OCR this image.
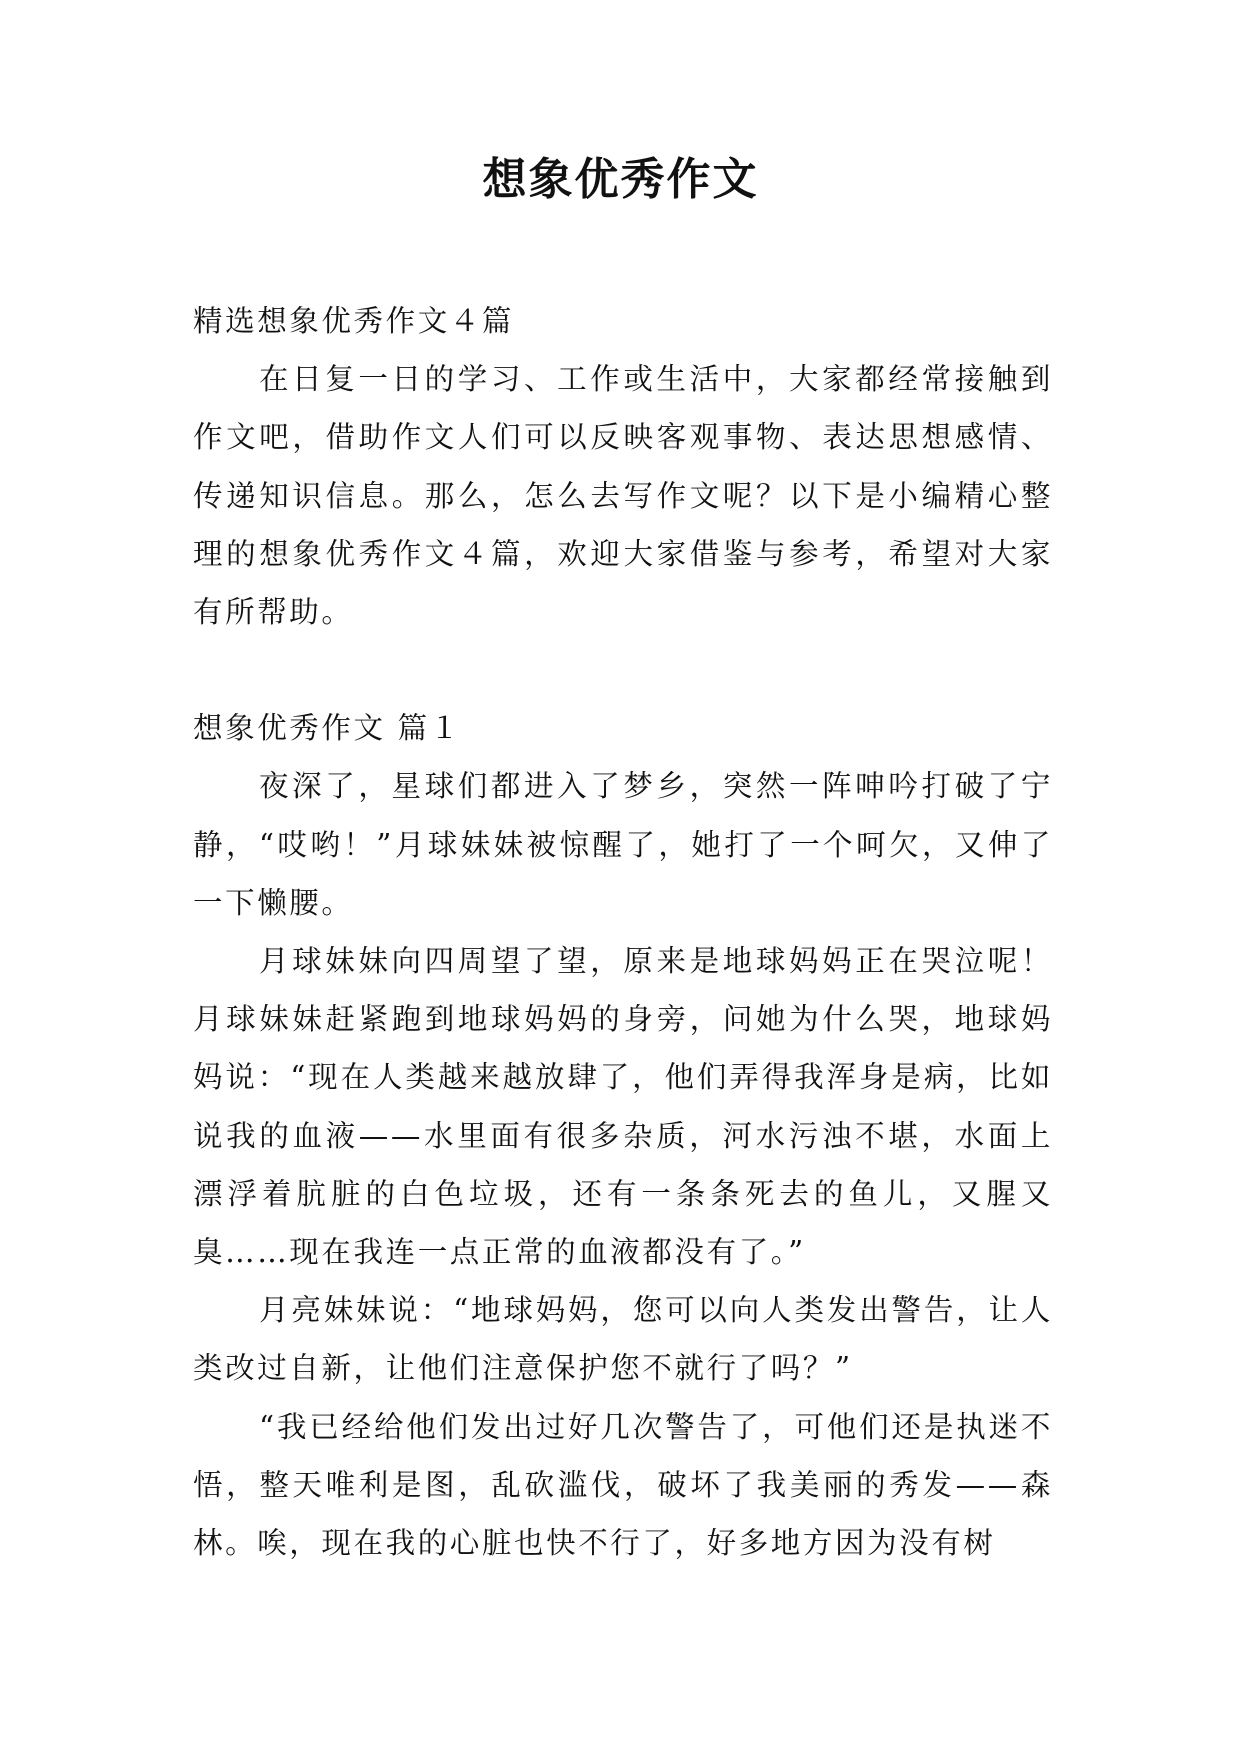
想象优秀作文

精选想象优秀作文４篇

在日复一日的学习、工作或生活中，大家都经常接触到作文吧，借助作文人们可以反映客观事物、表达思想感情、传递知识信息。那么，怎么去写作文呢？以下是小编精心整理的想象优秀作文４篇，欢迎大家借鉴与参考，希望对大家有所帮助。

想象优秀作文 篇１

夜深了，星球们都进入了梦乡，突然一阵呻吟打破了宁静，“哎哟！”月球妹妹被惊醒了，她打了一个呵欠，又伸了一下懒腰。

月球妹妹向四周望了望，原来是地球妈妈正在哭泣呢！月球妹妹赶紧跑到地球妈妈的身旁，问她为什么哭，地球妈妈说：“现在人类越来越放肆了，他们弄得我浑身是病，比如说我的血液——水里面有很多杂质，河水污浊不堪，水面上漂浮着肮脏的白色垃圾，还有一条条死去的鱼儿，又腥又臭……现在我连一点正常的血液都没有了。”

月亮妹妹说：“地球妈妈，您可以向人类发出警告，让人类改过自新，让他们注意保护您不就行了吗？”

“我已经给他们发出过好几次警告了，可他们还是执迷不悟，整天唯利是图，乱砍滥伐，破坏了我美丽的秀发——森林。唉，现在我的心脏也快不行了，好多地方因为没有树
